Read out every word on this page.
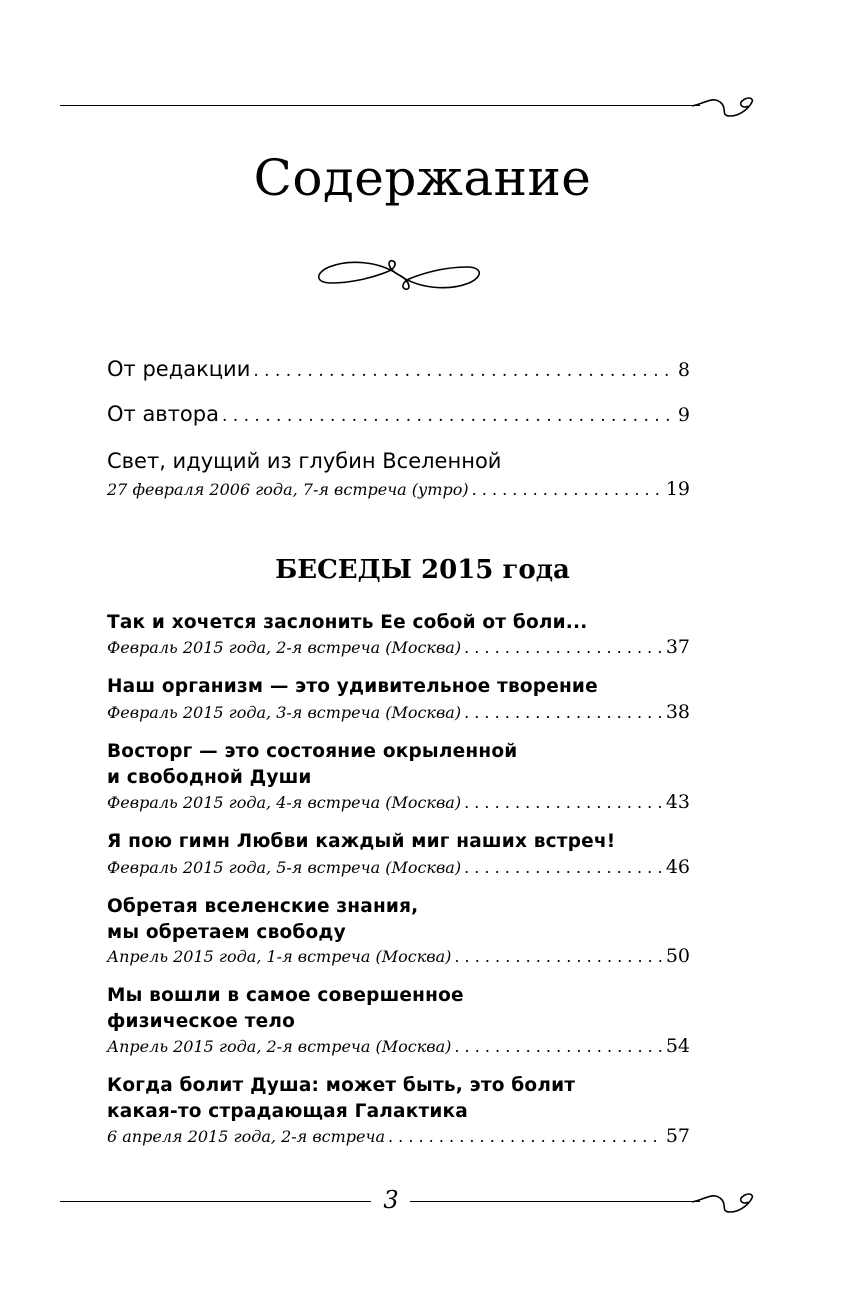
Содержание
От редакции . . .	8
От автора . . .	9
Свет, идущий из глубин Вселенной
27 февраля 2006 года, 7-я встреча (утро) . . .	19
БЕСЕДЫ 2015 года
Так и хочется заслонить Ее собой от боли...
Февраль 2015 года, 2-я встреча (Москва) . . .	37
Наш организм — это удивительное творение
Февраль 2015 года, 3-я встреча (Москва) . . .	38
Восторг — это состояние окрыленной
и свободной Души
Февраль 2015 года, 4-я встреча (Москва) . . .	43
Я пою гимн Любви каждый миг наших встреч!
Февраль 2015 года, 5-я встреча (Москва) . . .	46
Обретая вселенские знания,
мы обретаем свободу
Апрель 2015 года, 1-я встреча (Москва) . . .	50
Мы вошли в самое совершенное
физическое тело
Апрель 2015 года, 2-я встреча (Москва) . . .	54
Когда болит Душа: может быть, это болит
какая-то страдающая Галактика
6 апреля 2015 года, 2-я встреча . . .	57
3
